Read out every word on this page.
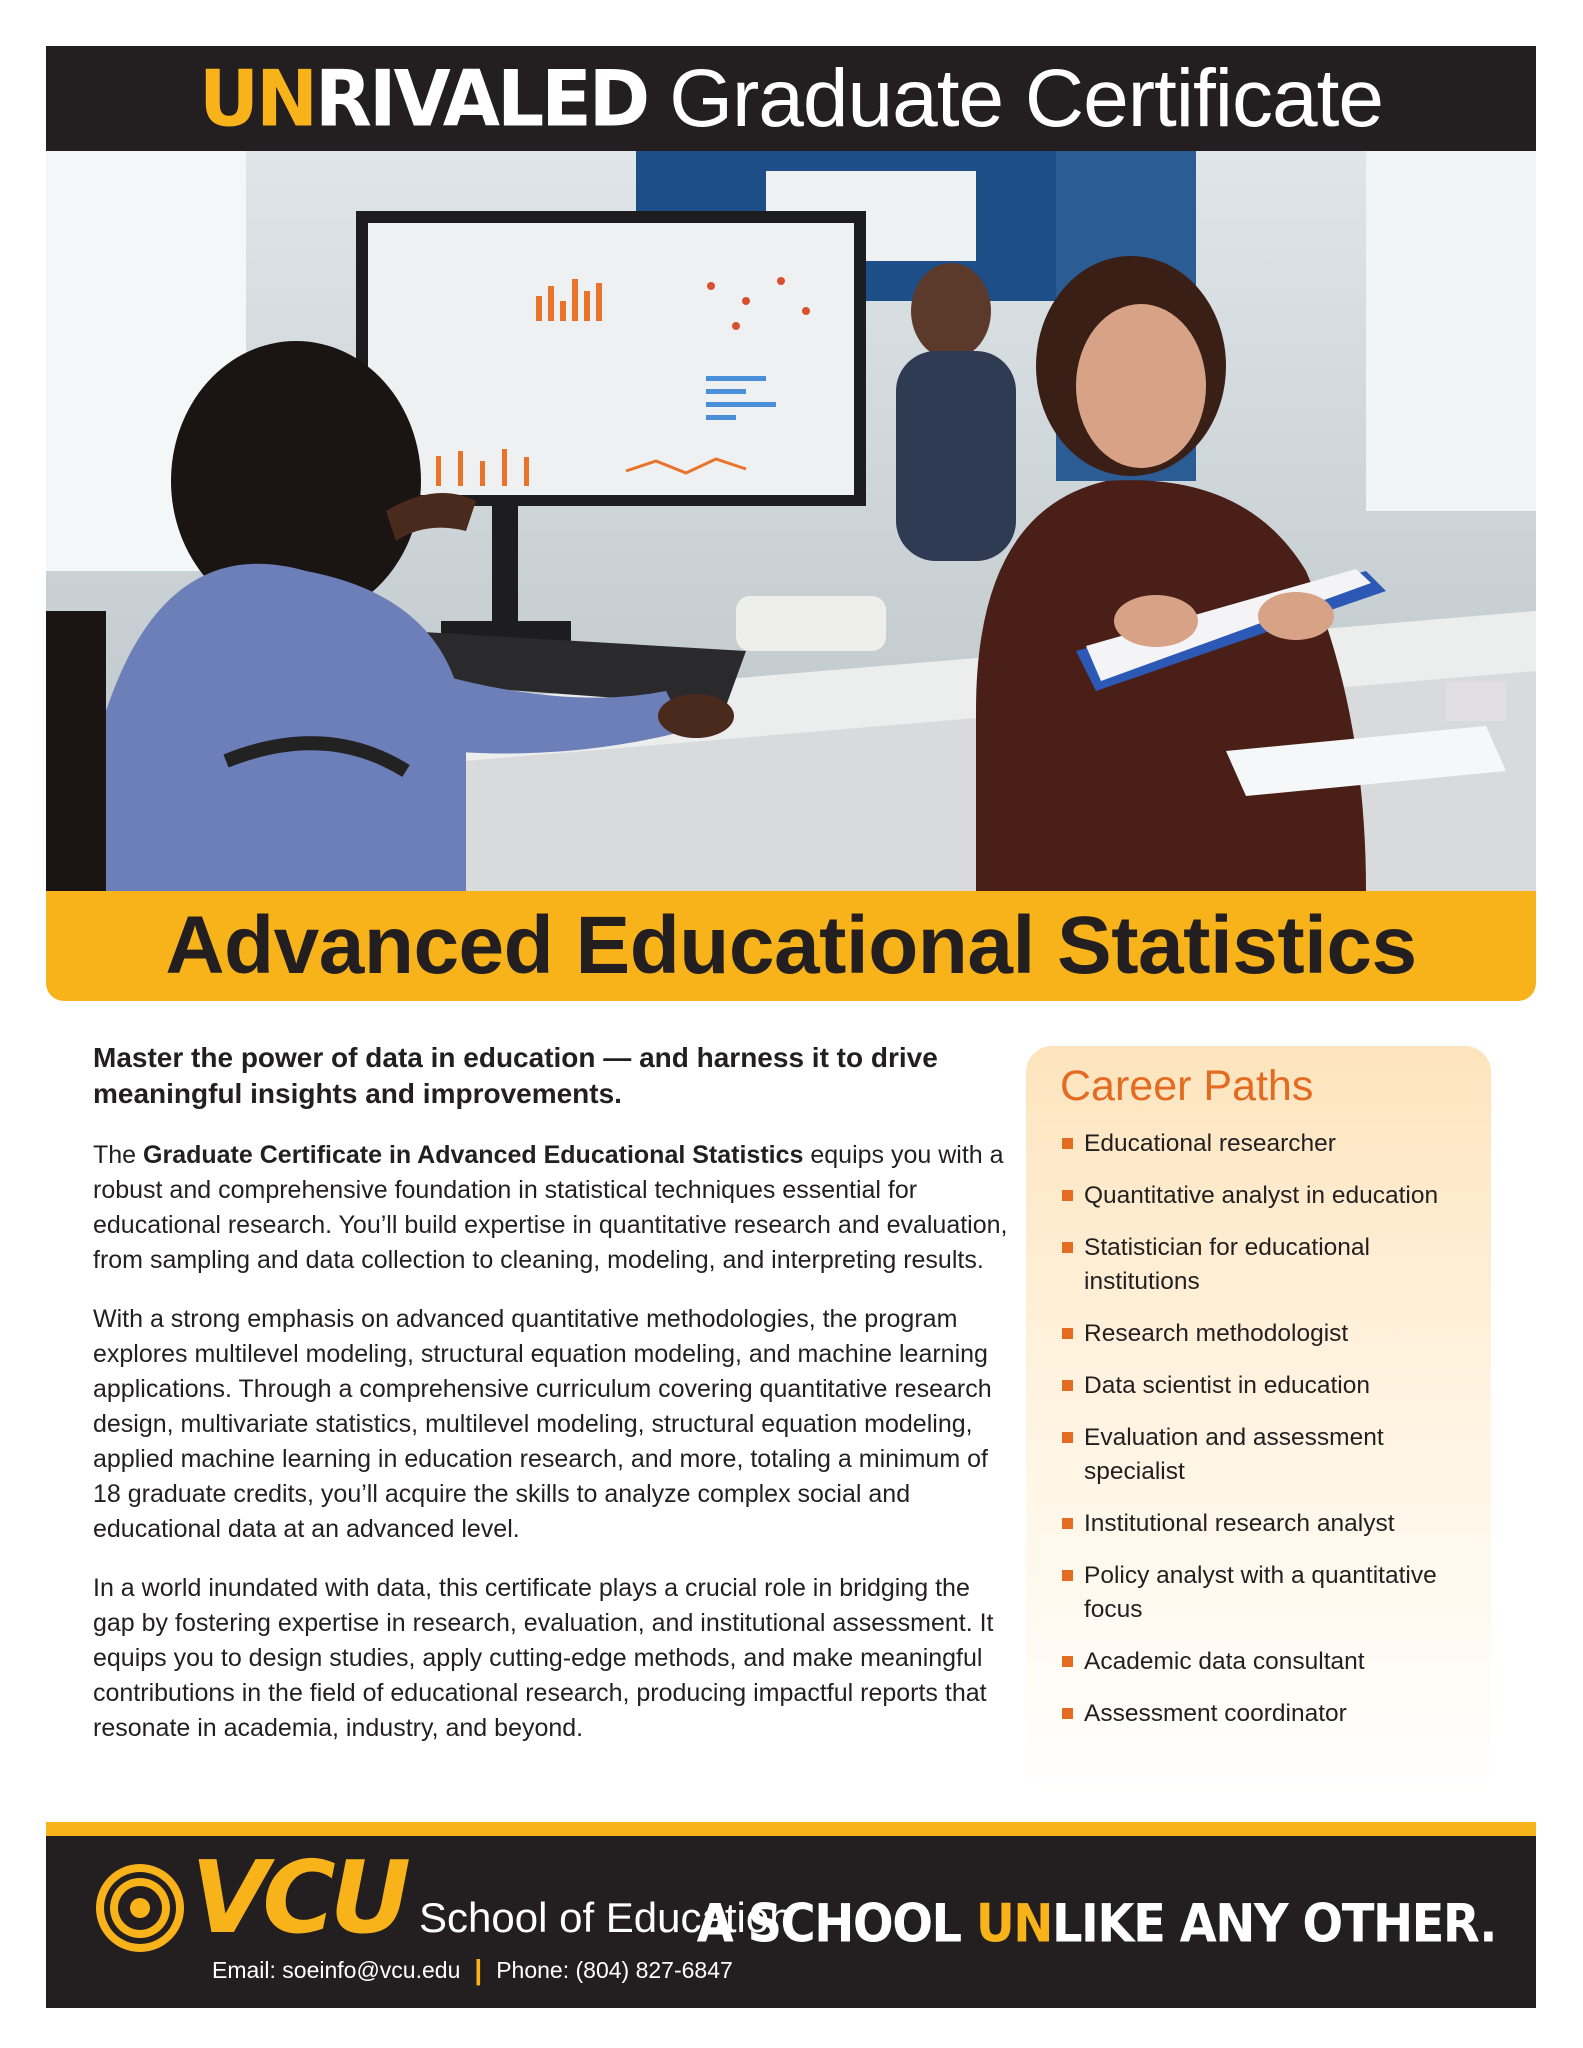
UNRIVALED Graduate Certificate
Advanced Educational Statistics

Master the power of data in education — and harness it to drive meaningful insights and improvements.

The Graduate Certificate in Advanced Educational Statistics equips you with a robust and comprehensive foundation in statistical techniques essential for educational research. You’ll build expertise in quantitative research and evaluation, from sampling and data collection to cleaning, modeling, and interpreting results.

With a strong emphasis on advanced quantitative methodologies, the program explores multilevel modeling, structural equation modeling, and machine learning applications. Through a comprehensive curriculum covering quantitative research design, multivariate statistics, multilevel modeling, structural equation modeling, applied machine learning in education research, and more, totaling a minimum of 18 graduate credits, you’ll acquire the skills to analyze complex social and educational data at an advanced level.

In a world inundated with data, this certificate plays a crucial role in bridging the gap by fostering expertise in research, evaluation, and institutional assessment. It equips you to design studies, apply cutting-edge methods, and make meaningful contributions in the field of educational research, producing impactful reports that resonate in academia, industry, and beyond.

Career Paths
Educational researcher
Quantitative analyst in education
Statistician for educational institutions
Research methodologist
Data scientist in education
Evaluation and assessment specialist
Institutional research analyst
Policy analyst with a quantitative focus
Academic data consultant
Assessment coordinator
VCU School of Education
Email: soeinfo@vcu.edu | Phone: (804) 827-6847
A SCHOOL UNLIKE ANY OTHER.
